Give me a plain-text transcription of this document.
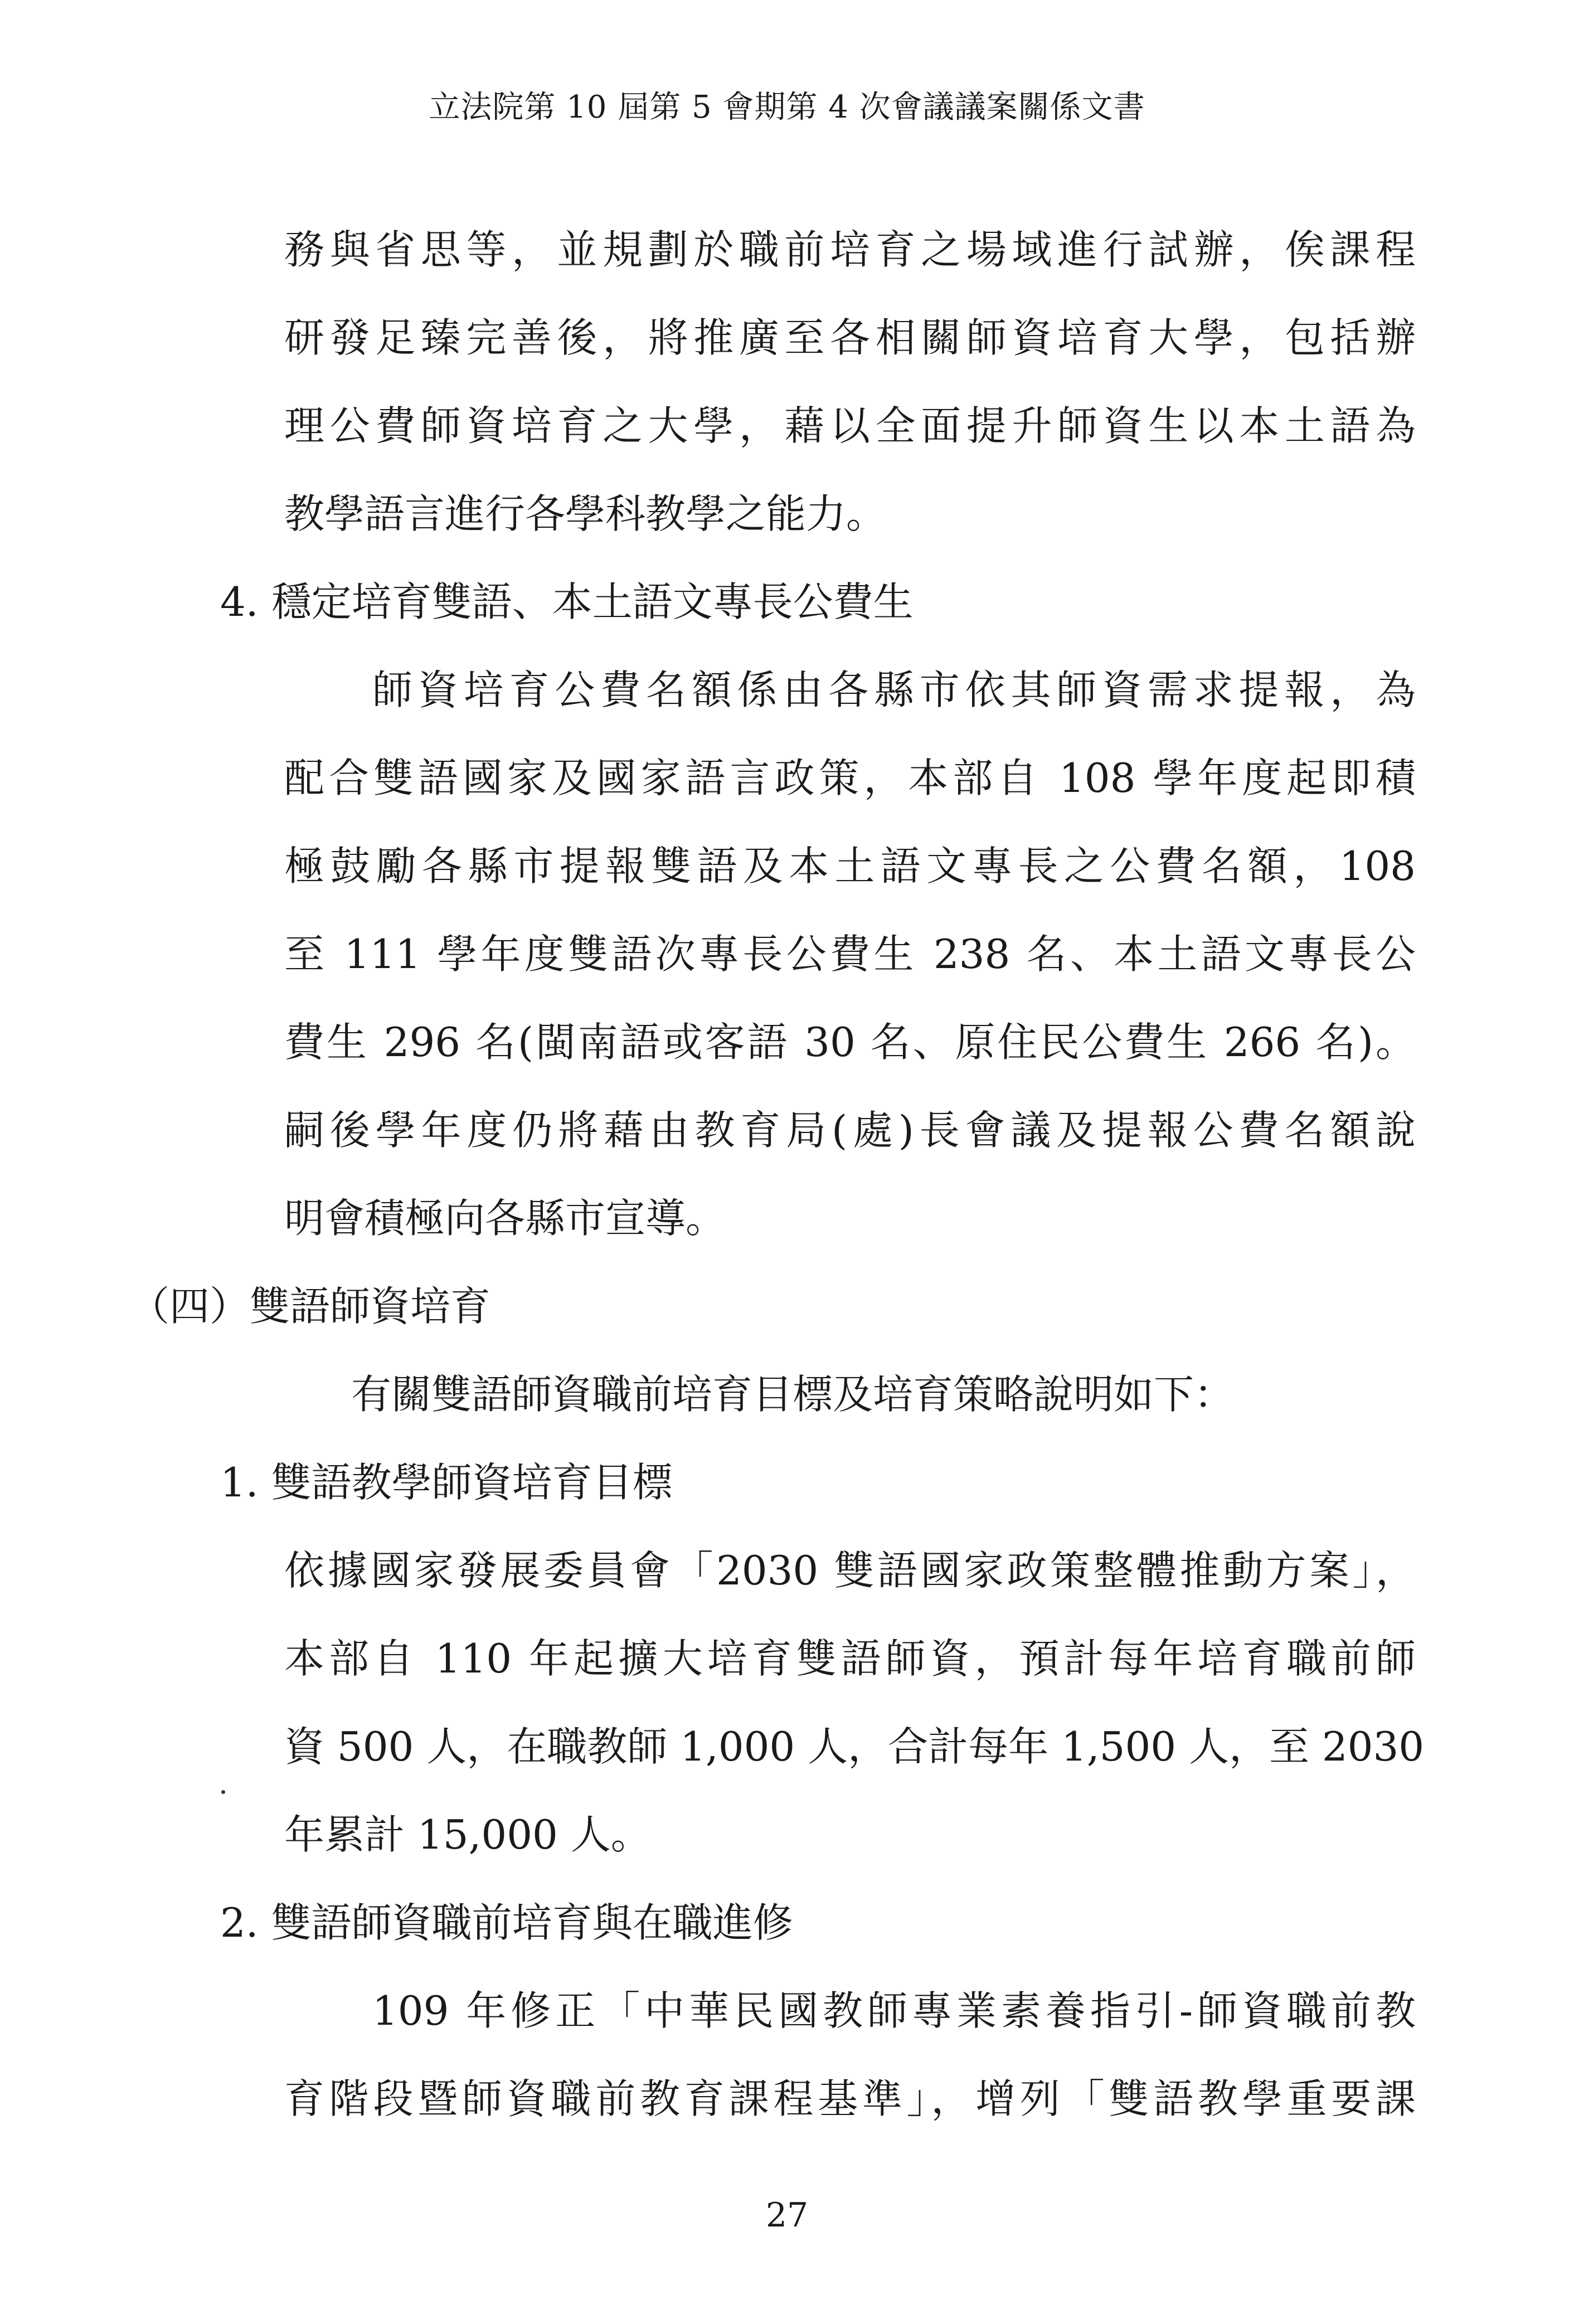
立法院第 10 屆第 5 會期第 4 次會議議案關係文書
務與省思等，並規劃於職前培育之場域進行試辦，俟課程
研發足臻完善後，將推廣至各相關師資培育大學，包括辦
理公費師資培育之大學，藉以全面提升師資生以本土語為
教學語言進行各學科教學之能力。
4. 穩定培育雙語、本土語文專長公費生
師資培育公費名額係由各縣市依其師資需求提報，為
配合雙語國家及國家語言政策，本部自 108 學年度起即積
極鼓勵各縣市提報雙語及本土語文專長之公費名額，108
至 111 學年度雙語次專長公費生 238 名、本土語文專長公
費生 296 名(閩南語或客語 30 名、原住民公費生 266 名)。
嗣後學年度仍將藉由教育局(處)長會議及提報公費名額說
明會積極向各縣市宣導。
（四）雙語師資培育
有關雙語師資職前培育目標及培育策略說明如下：
1. 雙語教學師資培育目標
依據國家發展委員會「2030 雙語國家政策整體推動方案」，
本部自 110 年起擴大培育雙語師資，預計每年培育職前師
資 500 人，在職教師 1,000 人，合計每年 1,500 人，至 2030
年累計 15,000 人。
2. 雙語師資職前培育與在職進修
109 年修正「中華民國教師專業素養指引-師資職前教
育階段暨師資職前教育課程基準」，增列「雙語教學重要課
27
